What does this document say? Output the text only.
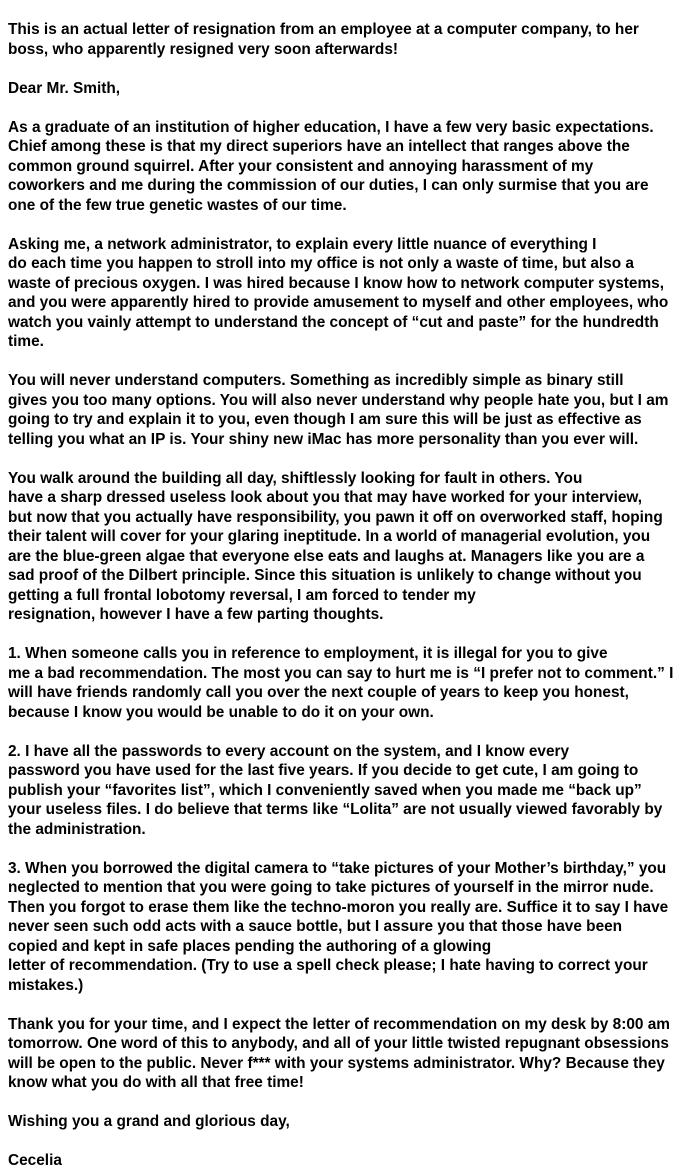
This is an actual letter of resignation from an employee at a computer company, to her
boss, who apparently resigned very soon afterwards!

Dear Mr. Smith,

As a graduate of an institution of higher education, I have a few very basic expectations.
Chief among these is that my direct superiors have an intellect that ranges above the
common ground squirrel. After your consistent and annoying harassment of my
coworkers and me during the commission of our duties, I can only surmise that you are
one of the few true genetic wastes of our time.

Asking me, a network administrator, to explain every little nuance of everything I
do each time you happen to stroll into my office is not only a waste of time, but also a
waste of precious oxygen. I was hired because I know how to network computer systems,
and you were apparently hired to provide amusement to myself and other employees, who
watch you vainly attempt to understand the concept of “cut and paste” for the hundredth
time.

You will never understand computers. Something as incredibly simple as binary still
gives you too many options. You will also never understand why people hate you, but I am
going to try and explain it to you, even though I am sure this will be just as effective as
telling you what an IP is. Your shiny new iMac has more personality than you ever will.

You walk around the building all day, shiftlessly looking for fault in others. You
have a sharp dressed useless look about you that may have worked for your interview,
but now that you actually have responsibility, you pawn it off on overworked staff, hoping
their talent will cover for your glaring ineptitude. In a world of managerial evolution, you
are the blue-green algae that everyone else eats and laughs at. Managers like you are a
sad proof of the Dilbert principle. Since this situation is unlikely to change without you
getting a full frontal lobotomy reversal, I am forced to tender my
resignation, however I have a few parting thoughts.

1. When someone calls you in reference to employment, it is illegal for you to give
me a bad recommendation. The most you can say to hurt me is “I prefer not to comment.” I
will have friends randomly call you over the next couple of years to keep you honest,
because I know you would be unable to do it on your own.

2. I have all the passwords to every account on the system, and I know every
password you have used for the last five years. If you decide to get cute, I am going to
publish your “favorites list”, which I conveniently saved when you made me “back up”
your useless files. I do believe that terms like “Lolita” are not usually viewed favorably by
the administration.

3. When you borrowed the digital camera to “take pictures of your Mother’s birthday,” you
neglected to mention that you were going to take pictures of yourself in the mirror nude.
Then you forgot to erase them like the techno-moron you really are. Suffice it to say I have
never seen such odd acts with a sauce bottle, but I assure you that those have been
copied and kept in safe places pending the authoring of a glowing
letter of recommendation. (Try to use a spell check please; I hate having to correct your
mistakes.)

Thank you for your time, and I expect the letter of recommendation on my desk by 8:00 am
tomorrow. One word of this to anybody, and all of your little twisted repugnant obsessions
will be open to the public. Never f*** with your systems administrator. Why? Because they
know what you do with all that free time!

Wishing you a grand and glorious day,

Cecelia
